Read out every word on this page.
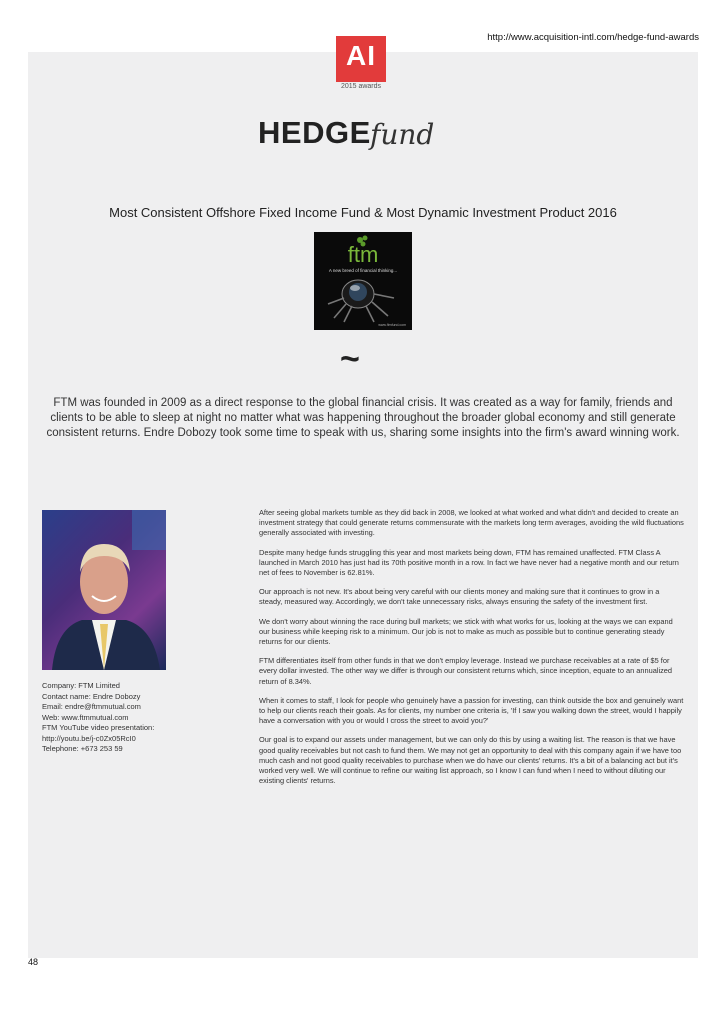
http://www.acquisition-intl.com/hedge-fund-awards
AI
2015 awards
HEDGE fund
Most Consistent Offshore Fixed Income Fund & Most Dynamic Investment Product 2016
ftm
A new breed of financial thinking...
www.ftmfund.com
~
FTM was founded in 2009 as a direct response to the global financial crisis. It was created as a way for family, friends and clients to be able to sleep at night no matter what was happening throughout the broader global economy and still generate consistent returns. Endre Dobozy took some time to speak with us, sharing some insights into the firm's award winning work.
Company: FTM Limited
Contact name: Endre Dobozy
Email: endre@ftmmutual.com
Web: www.ftmmutual.com
FTM YouTube video presentation:
http://youtu.be/j-c0Zx05RcI0
Telephone: +673 253 59

After seeing global markets tumble as they did back in 2008, we looked at what worked and what didn't and decided to create an investment strategy that could generate returns commensurate with the markets long term averages, avoiding the wild fluctuations generally associated with investing.

Despite many hedge funds struggling this year and most markets being down, FTM has remained unaffected. FTM Class A launched in March 2010 has just had its 70th positive month in a row. In fact we have never had a negative month and our return net of fees to November is 62.81%.

Our approach is not new. It's about being very careful with our clients money and making sure that it continues to grow in a steady, measured way. Accordingly, we don't take unnecessary risks, always ensuring the safety of the investment first.

We don't worry about winning the race during bull markets; we stick with what works for us, looking at the ways we can expand our business while keeping risk to a minimum. Our job is not to make as much as possible but to continue generating steady returns for our clients.

FTM differentiates itself from other funds in that we don't employ leverage. Instead we purchase receivables at a rate of $5 for every dollar invested. The other way we differ is through our consistent returns which, since inception, equate to an annualized return of 8.34%.

When it comes to staff, I look for people who genuinely have a passion for investing, can think outside the box and genuinely want to help our clients reach their goals. As for clients, my number one criteria is, 'If I saw you walking down the street, would I happily have a conversation with you or would I cross the street to avoid you?'

Our goal is to expand our assets under management, but we can only do this by using a waiting list. The reason is that we have good quality receivables but not cash to fund them. We may not get an opportunity to deal with this company again if we have too much cash and not good quality receivables to purchase when we do have our clients' returns. It's a bit of a balancing act but it's worked very well. We will continue to refine our waiting list approach, so I know I can fund when I need to without diluting our existing clients' returns.

48
